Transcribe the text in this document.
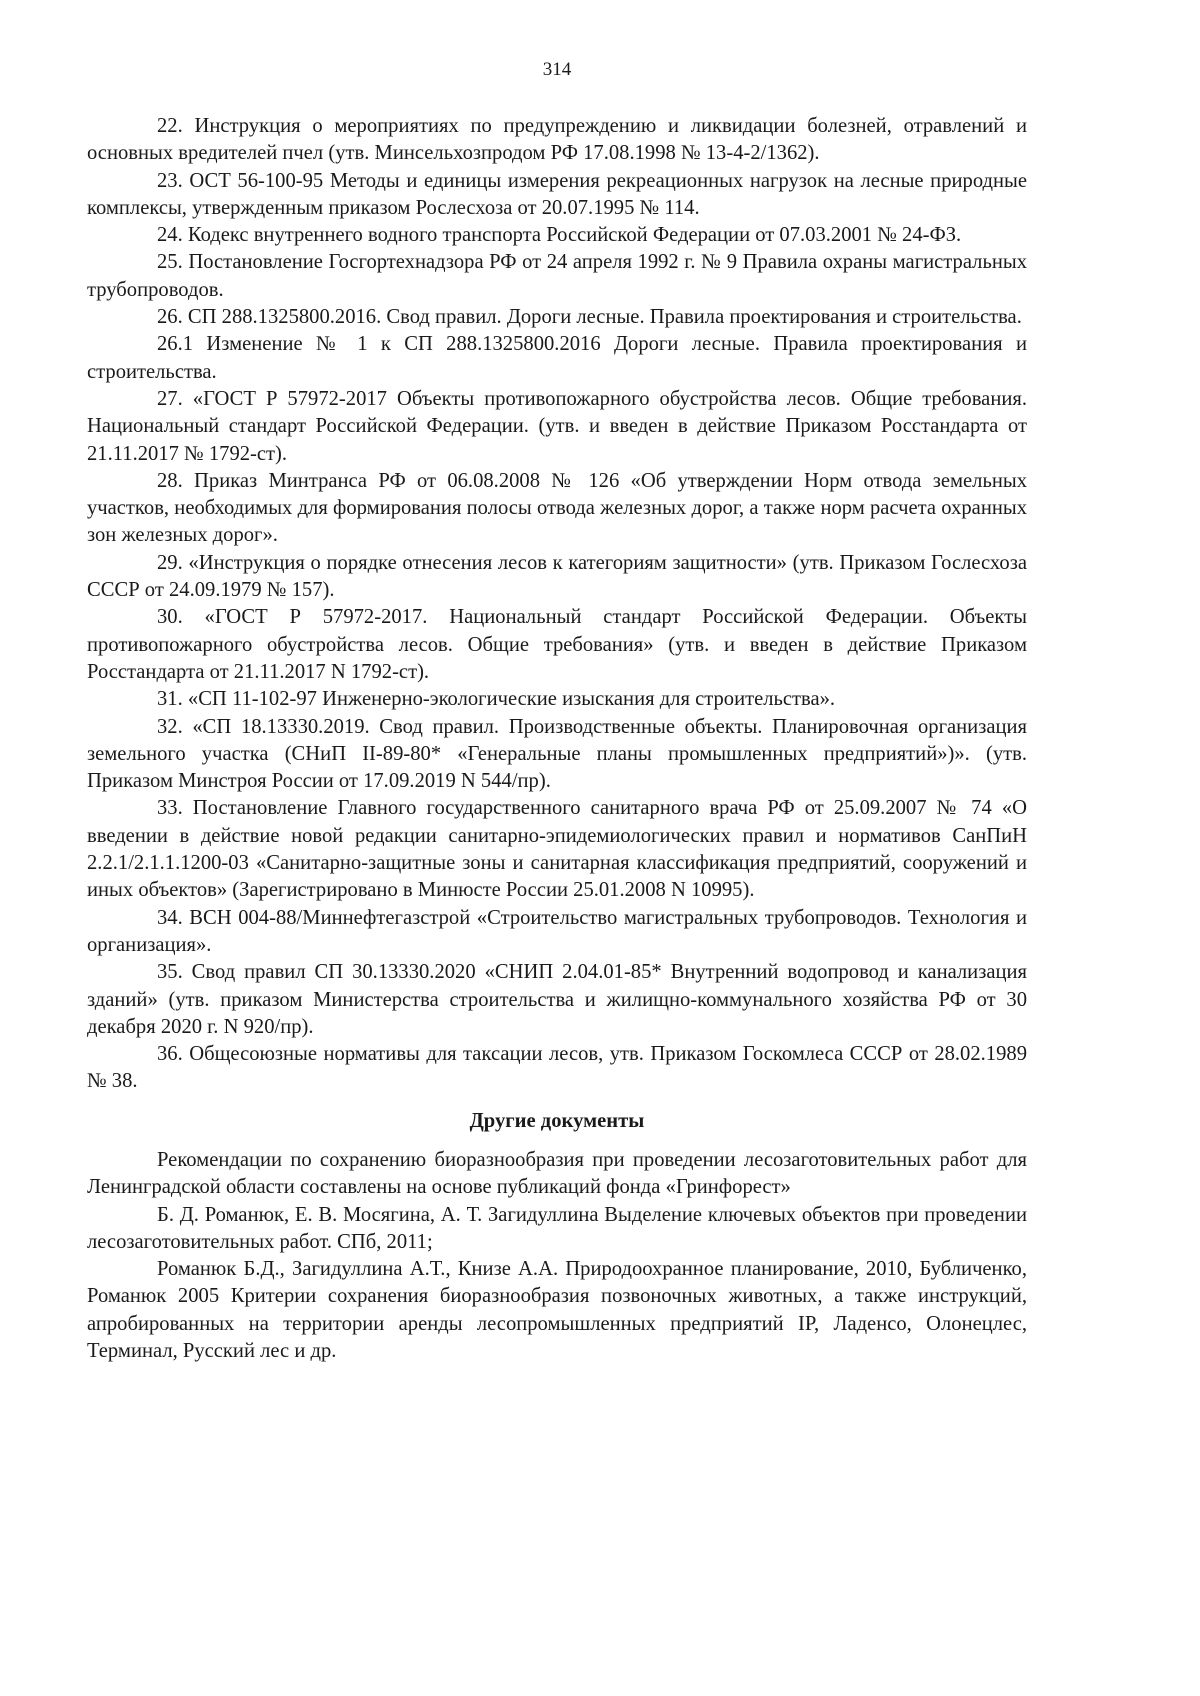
314

22. Инструкция о мероприятиях по предупреждению и ликвидации болезней, отравлений и основных вредителей пчел (утв. Минсельхозпродом РФ 17.08.1998 № 13-4-2/1362).

23. ОСТ 56-100-95 Методы и единицы измерения рекреационных нагрузок на лесные природные комплексы, утвержденным приказом Рослесхоза от 20.07.1995 № 114.

24. Кодекс внутреннего водного транспорта Российской Федерации от 07.03.2001 № 24-ФЗ.

25. Постановление Госгортехнадзора РФ от 24 апреля 1992 г. № 9 Правила охраны магистральных трубопроводов.

26. СП 288.1325800.2016. Свод правил. Дороги лесные. Правила проектирования и строительства.

26.1 Изменение № 1 к СП 288.1325800.2016 Дороги лесные. Правила проектирования и строительства.

27. «ГОСТ Р 57972-2017 Объекты противопожарного обустройства лесов. Общие требования. Национальный стандарт Российской Федерации. (утв. и введен в действие Приказом Росстандарта от 21.11.2017 № 1792-ст).

28. Приказ Минтранса РФ от 06.08.2008 № 126 «Об утверждении Норм отвода земельных участков, необходимых для формирования полосы отвода железных дорог, а также норм расчета охранных зон железных дорог».

29. «Инструкция о порядке отнесения лесов к категориям защитности» (утв. Приказом Гослесхоза СССР от 24.09.1979 № 157).

30. «ГОСТ Р 57972-2017. Национальный стандарт Российской Федерации. Объекты противопожарного обустройства лесов. Общие требования» (утв. и введен в действие Приказом Росстандарта от 21.11.2017 N 1792-ст).

31. «СП 11-102-97 Инженерно-экологические изыскания для строительства».

32. «СП 18.13330.2019. Свод правил. Производственные объекты. Планировочная организация земельного участка (СНиП II-89-80* «Генеральные планы промышленных предприятий»)». (утв. Приказом Минстроя России от 17.09.2019 N 544/пр).

33. Постановление Главного государственного санитарного врача РФ от 25.09.2007 № 74 «О введении в действие новой редакции санитарно-эпидемиологических правил и нормативов СанПиН 2.2.1/2.1.1.1200-03 «Санитарно-защитные зоны и санитарная классификация предприятий, сооружений и иных объектов» (Зарегистрировано в Минюсте России 25.01.2008 N 10995).

34. ВСН 004-88/Миннефтегазстрой «Строительство магистральных трубопроводов. Технология и организация».

35. Свод правил СП 30.13330.2020 «СНИП 2.04.01-85* Внутренний водопровод и канализация зданий» (утв. приказом Министерства строительства и жилищно-коммунального хозяйства РФ от 30 декабря 2020 г. N 920/пр).

36. Общесоюзные нормативы для таксации лесов, утв. Приказом Госкомлеса СССР от 28.02.1989 № 38.

Другие документы

Рекомендации по сохранению биоразнообразия при проведении лесозаготовительных работ для Ленинградской области составлены на основе публикаций фонда «Гринфорест»

Б. Д. Романюк, Е. В. Мосягина, А. Т. Загидуллина Выделение ключевых объектов при проведении лесозаготовительных работ. СПб, 2011;

Романюк Б.Д., Загидуллина А.Т., Книзе А.А. Природоохранное планирование, 2010, Бубличенко, Романюк 2005 Критерии сохранения биоразнообразия позвоночных животных, а также инструкций, апробированных на территории аренды лесопромышленных предприятий IP, Ладенсо, Олонецлес, Терминал, Русский лес и др.
